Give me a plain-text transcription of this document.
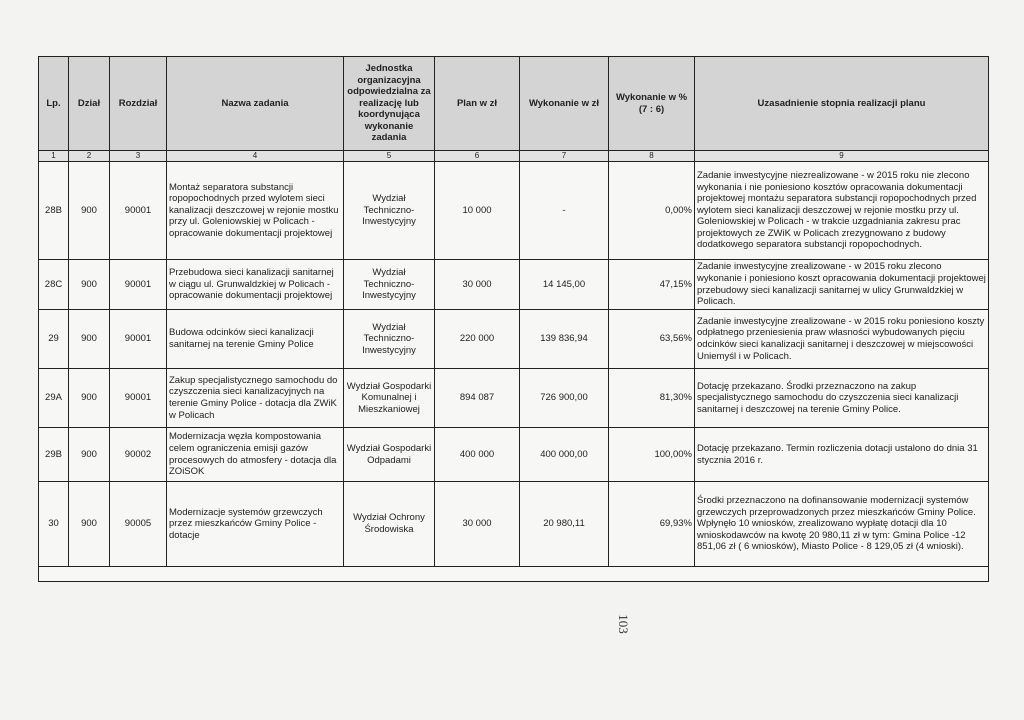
Lp.	Dział	Rozdział	Nazwa zadania	Jednostka organizacyjna odpowiedzialna za realizację lub koordynująca wykonanie zadania	Plan w zł	Wykonanie w zł	Wykonanie w % (7 : 6)	Uzasadnienie stopnia realizacji planu
1	2	3	4	5	6	7	8	9
28B	900	90001	Montaż separatora substancji ropopochodnych przed wylotem sieci kanalizacji deszczowej w rejonie mostku przy ul. Goleniowskiej w Policach - opracowanie dokumentacji projektowej	Wydział Techniczno-Inwestycyjny	10 000	-	0,00%	Zadanie inwestycyjne niezrealizowane - w 2015 roku nie zlecono wykonania i nie poniesiono kosztów opracowania dokumentacji projektowej montażu separatora substancji ropopochodnych przed wylotem sieci kanalizacji deszczowej w rejonie mostku przy ul. Goleniowskiej w Policach - w trakcie uzgadniania zakresu prac projektowych ze ZWiK w Policach zrezygnowano z budowy dodatkowego separatora substancji ropopochodnych.
28C	900	90001	Przebudowa sieci kanalizacji sanitarnej w ciągu ul. Grunwaldzkiej w Policach - opracowanie dokumentacji projektowej	Wydział Techniczno-Inwestycyjny	30 000	14 145,00	47,15%	Zadanie inwestycyjne zrealizowane - w 2015 roku zlecono wykonanie i poniesiono koszt opracowania dokumentacji projektowej przebudowy sieci kanalizacji sanitarnej w ulicy Grunwaldzkiej w Policach.
29	900	90001	Budowa odcinków sieci kanalizacji sanitarnej na terenie Gminy Police	Wydział Techniczno-Inwestycyjny	220 000	139 836,94	63,56%	Zadanie inwestycyjne zrealizowane - w 2015 roku poniesiono koszty odpłatnego przeniesienia praw własności wybudowanych pięciu odcinków sieci kanalizacji sanitarnej i deszczowej w miejscowości Uniemyśl i w Policach.
29A	900	90001	Zakup specjalistycznego samochodu do czyszczenia sieci kanalizacyjnych na terenie Gminy Police - dotacja dla ZWiK w Policach	Wydział Gospodarki Komunalnej i Mieszkaniowej	894 087	726 900,00	81,30%	Dotację przekazano. Środki przeznaczono na zakup specjalistycznego samochodu do czyszczenia sieci kanalizacji sanitarnej i deszczowej na terenie Gminy Police.
29B	900	90002	Modernizacja węzła kompostowania celem ograniczenia emisji gazów procesowych do atmosfery - dotacja dla ZOiSOK	Wydział Gospodarki Odpadami	400 000	400 000,00	100,00%	Dotację przekazano. Termin rozliczenia dotacji ustalono do dnia 31 stycznia 2016 r.
30	900	90005	Modernizacje systemów grzewczych przez mieszkańców Gminy Police - dotacje	Wydział Ochrony Środowiska	30 000	20 980,11	69,93%	Środki przeznaczono na dofinansowanie modernizacji systemów grzewczych przeprowadzonych przez mieszkańców Gminy Police. Wpłynęło 10 wniosków, zrealizowano wypłatę dotacji dla 10 wnioskodawców na kwotę 20 980,11 zł w tym: Gmina Police -12 851,06 zł ( 6 wniosków), Miasto Police - 8 129,05 zł (4 wnioski).
103
